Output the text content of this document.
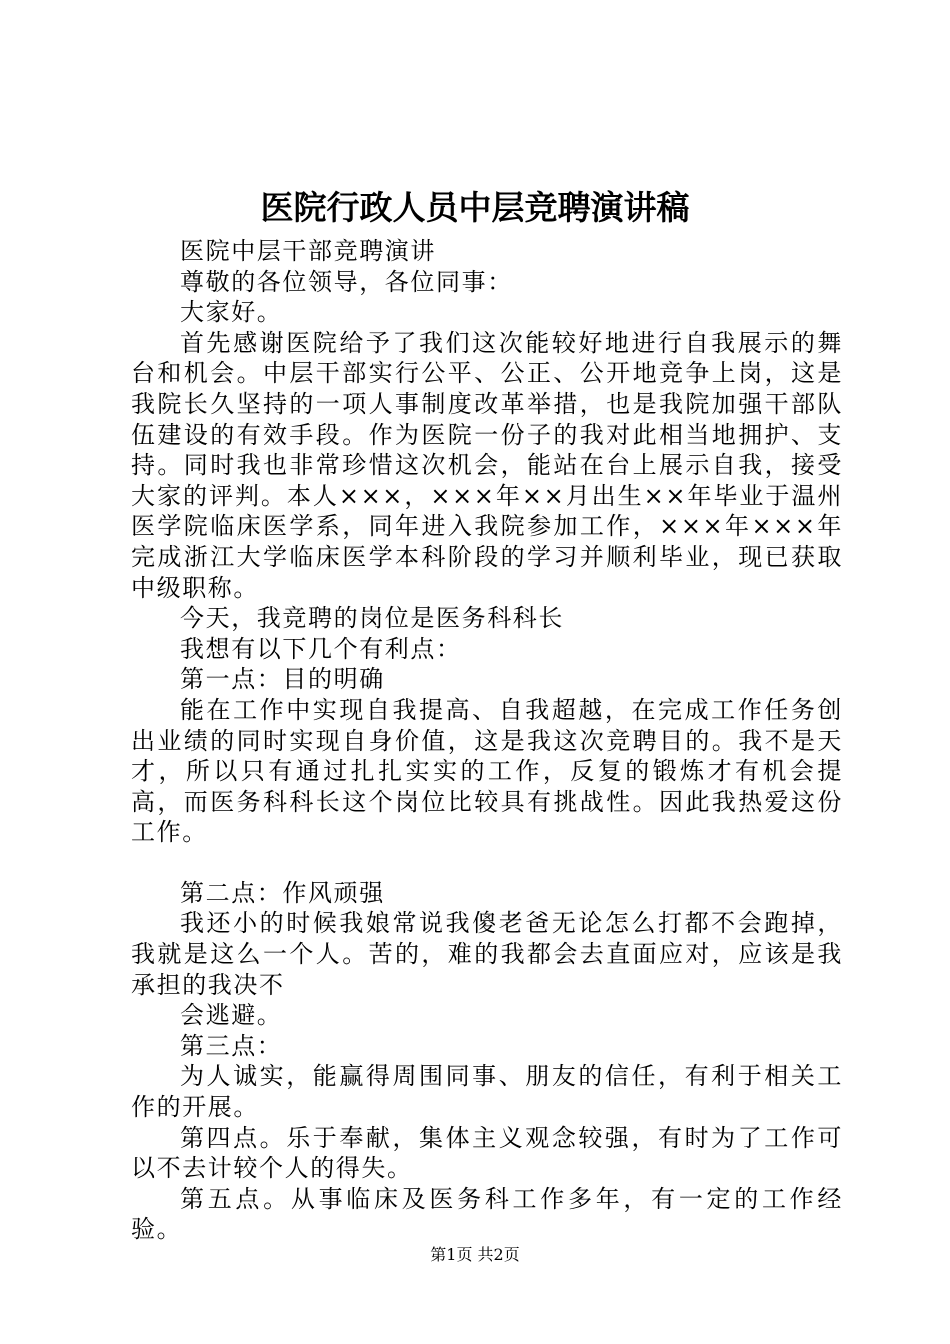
医院行政人员中层竞聘演讲稿

医院中层干部竞聘演讲

尊敬的各位领导，各位同事：

大家好。

首先感谢医院给予了我们这次能较好地进行自我展示的舞台和机会。中层干部实行公平、公正、公开地竞争上岗，这是我院长久坚持的一项人事制度改革举措，也是我院加强干部队伍建设的有效手段。作为医院一份子的我对此相当地拥护、支持。同时我也非常珍惜这次机会，能站在台上展示自我，接受大家的评判。本人×××，×××年××月出生××年毕业于温州医学院临床医学系，同年进入我院参加工作，×××年×××年完成浙江大学临床医学本科阶段的学习并顺利毕业，现已获取中级职称。

今天，我竞聘的岗位是医务科科长

我想有以下几个有利点：

第一点：目的明确

能在工作中实现自我提高、自我超越，在完成工作任务创出业绩的同时实现自身价值，这是我这次竞聘目的。我不是天才，所以只有通过扎扎实实的工作，反复的锻炼才有机会提高，而医务科科长这个岗位比较具有挑战性。因此我热爱这份工作。

第二点：作风顽强

我还小的时候我娘常说我傻老爸无论怎么打都不会跑掉，我就是这么一个人。苦的，难的我都会去直面应对，应该是我承担的我决不

会逃避。

第三点：

为人诚实，能赢得周围同事、朋友的信任，有利于相关工作的开展。

第四点。乐于奉献，集体主义观念较强，有时为了工作可以不去计较个人的得失。

第五点。从事临床及医务科工作多年，有一定的工作经验。

第1页 共2页
